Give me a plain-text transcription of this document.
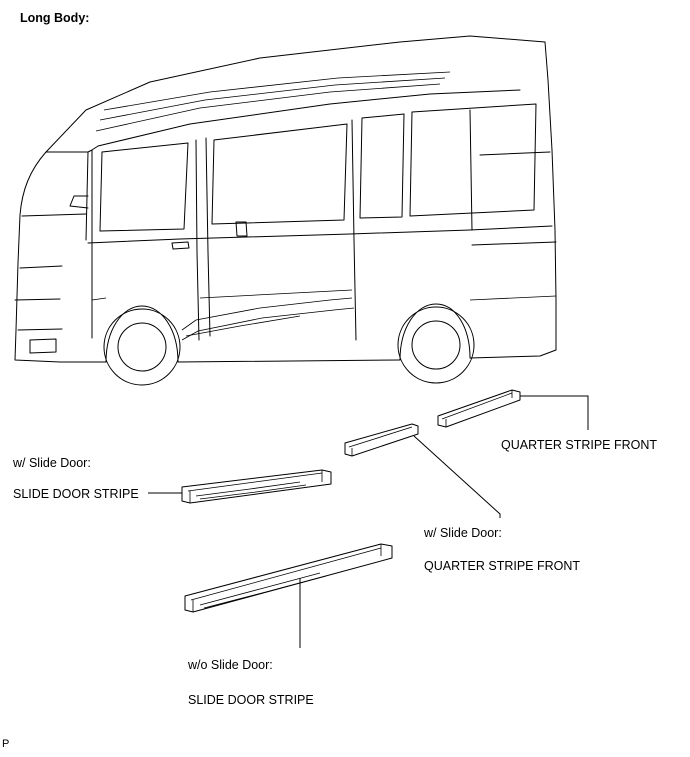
Long Body:
QUARTER STRIPE FRONT
w/ Slide Door:
SLIDE DOOR STRIPE
w/ Slide Door:
QUARTER STRIPE FRONT
w/o Slide Door:
SLIDE DOOR STRIPE
P
